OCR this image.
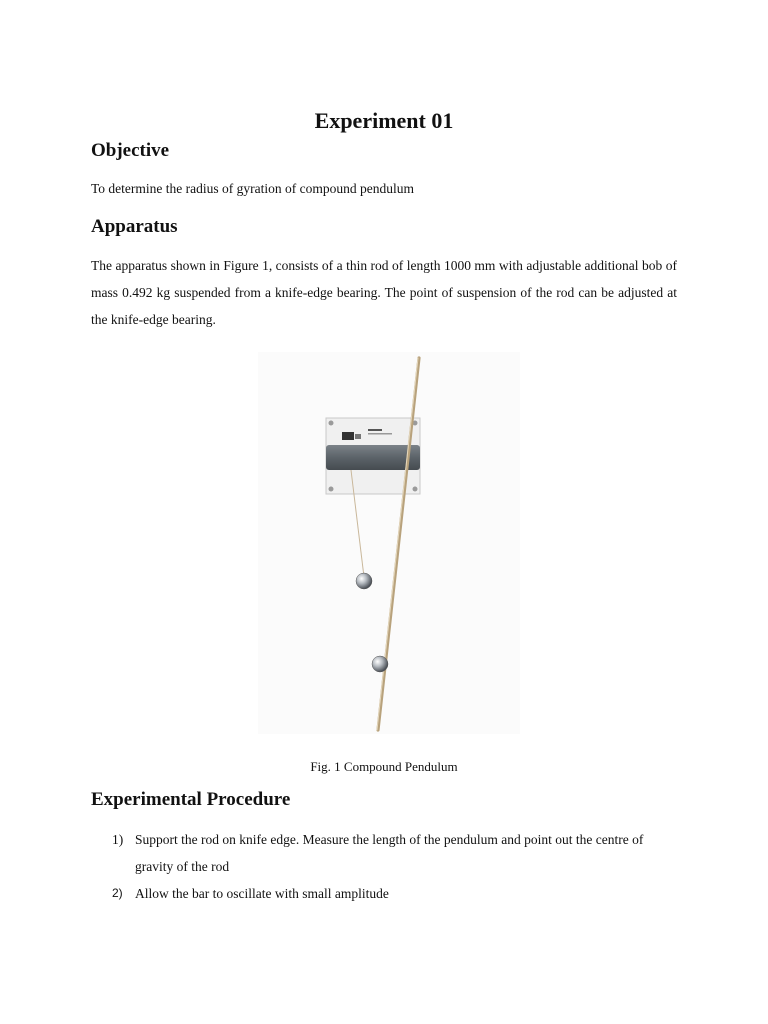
Experiment 01
Objective
To determine the radius of gyration of compound pendulum
Apparatus
The apparatus shown in Figure 1, consists of a thin rod of length 1000 mm with adjustable additional bob of mass 0.492 kg suspended from a knife-edge bearing. The point of suspension of the rod can be adjusted at the knife-edge bearing.
Fig. 1 Compound Pendulum
Experimental Procedure
1) Support the rod on knife edge. Measure the length of the pendulum and point out the centre of gravity of the rod
2) Allow the bar to oscillate with small amplitude
